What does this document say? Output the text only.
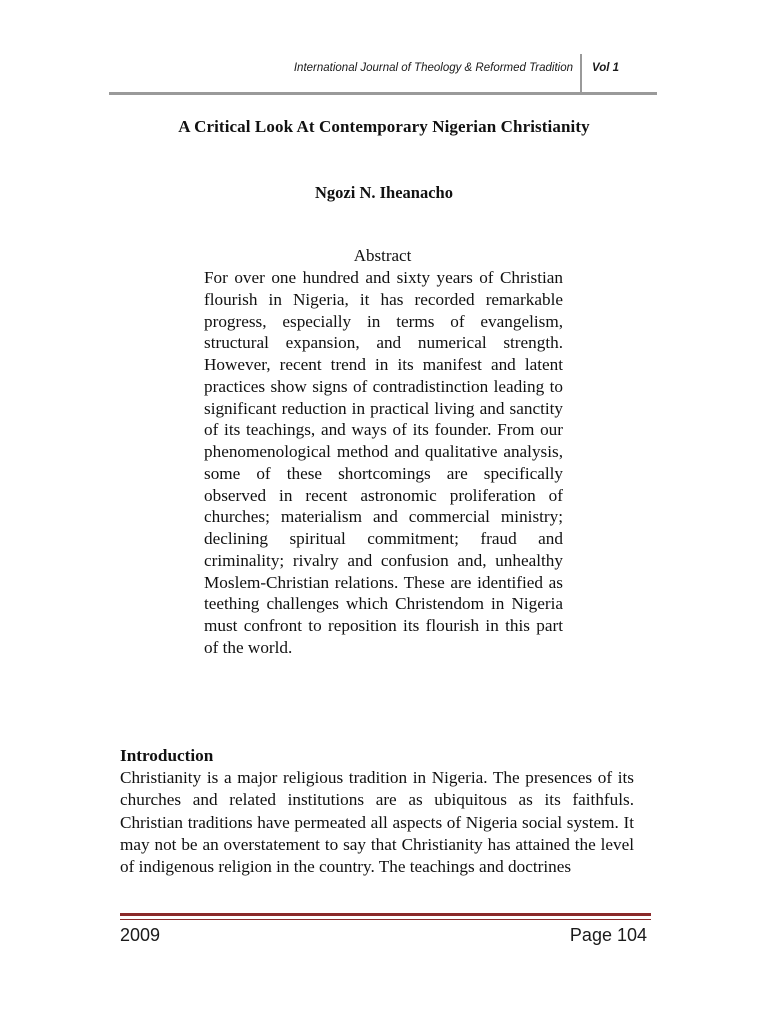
International Journal of Theology & Reformed Tradition Vol 1
A Critical Look At Contemporary Nigerian Christianity
Ngozi N. Iheanacho
Abstract

For over one hundred and sixty years of Christian flourish in Nigeria, it has recorded remarkable progress, especially in terms of evangelism, structural expansion, and numerical strength. However, recent trend in its manifest and latent practices show signs of contradistinction leading to significant reduction in practical living and sanctity of its teachings, and ways of its founder. From our phenomenological method and qualitative analysis, some of these shortcomings are specifically observed in recent astronomic proliferation of churches; materialism and commercial ministry; declining spiritual commitment; fraud and criminality; rivalry and confusion and, unhealthy Moslem-Christian relations. These are identified as teething challenges which Christendom in Nigeria must confront to reposition its flourish in this part of the world.

Introduction

Christianity is a major religious tradition in Nigeria. The presences of its churches and related institutions are as ubiquitous as its faithfuls. Christian traditions have permeated all aspects of Nigeria social system. It may not be an overstatement to say that Christianity has attained the level of indigenous religion in the country. The teachings and doctrines

2009	Page 104
